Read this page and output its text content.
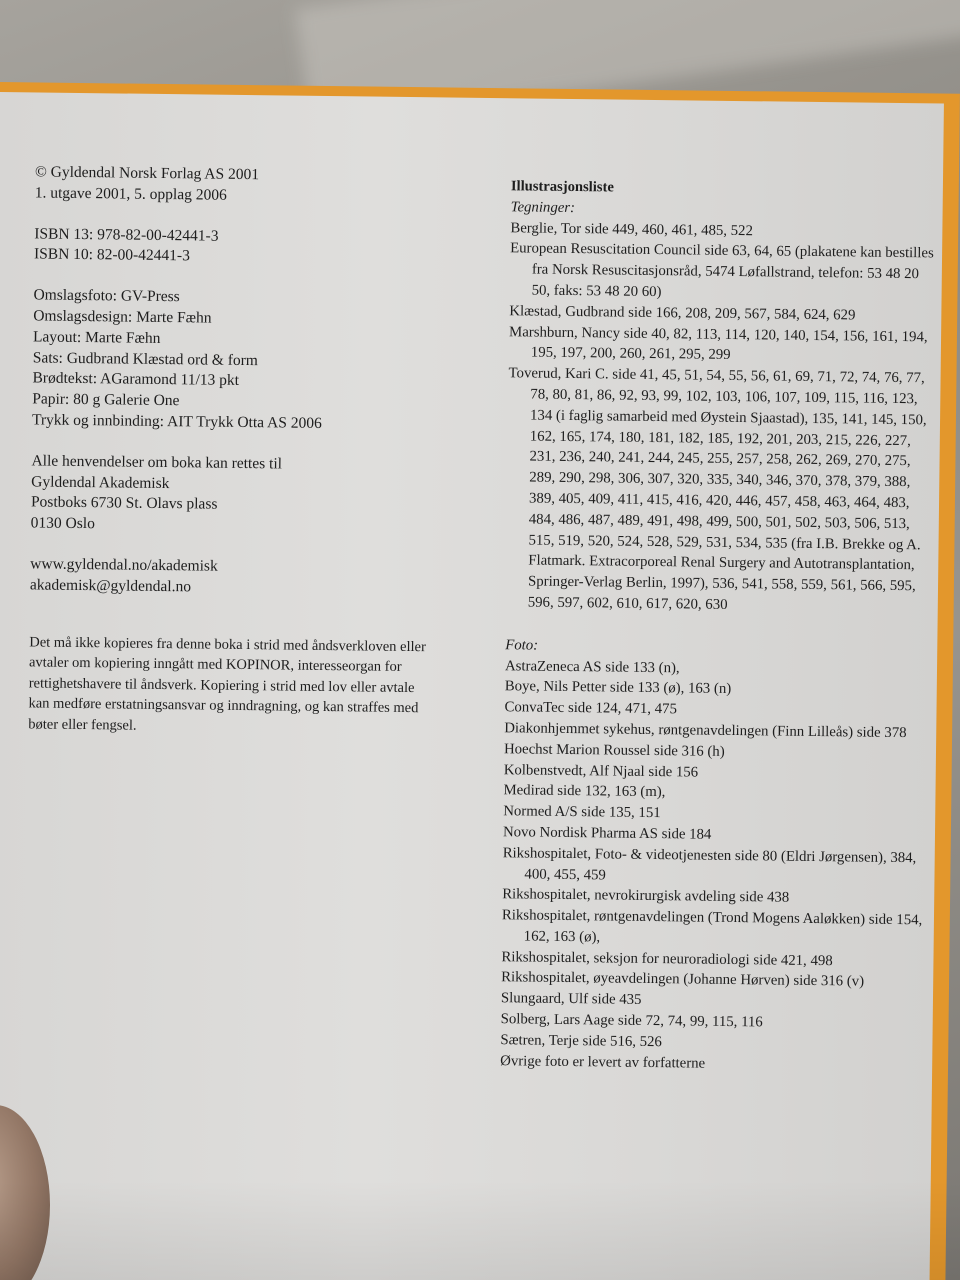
© Gyldendal Norsk Forlag AS 2001
1. utgave 2001, 5. opplag 2006
ISBN 13: 978-82-00-42441-3
ISBN 10: 82-00-42441-3
Omslagsfoto: GV-Press
Omslagsdesign: Marte Fæhn
Layout: Marte Fæhn
Sats: Gudbrand Klæstad ord & form
Brødtekst: AGaramond 11/13 pkt
Papir: 80 g Galerie One
Trykk og innbinding: AIT Trykk Otta AS 2006
Alle henvendelser om boka kan rettes til
Gyldendal Akademisk
Postboks 6730 St. Olavs plass
0130 Oslo
www.gyldendal.no/akademisk
akademisk@gyldendal.no
Det må ikke kopieres fra denne boka i strid med åndsverkloven eller avtaler om kopiering inngått med KOPINOR, interesseorgan for rettighetshavere til åndsverk. Kopiering i strid med lov eller avtale kan medføre erstatningsansvar og inndragning, og kan straffes med bøter eller fengsel.
Illustrasjonsliste
Tegninger:
Berglie, Tor side 449, 460, 461, 485, 522
European Resuscitation Council side 63, 64, 65 (plakatene kan bestilles fra Norsk Resuscitasjonsråd, 5474 Løfallstrand, telefon: 53 48 20 50, faks: 53 48 20 60)
Klæstad, Gudbrand side 166, 208, 209, 567, 584, 624, 629
Marshburn, Nancy side 40, 82, 113, 114, 120, 140, 154, 156, 161, 194, 195, 197, 200, 260, 261, 295, 299
Toverud, Kari C. side 41, 45, 51, 54, 55, 56, 61, 69, 71, 72, 74, 76, 77, 78, 80, 81, 86, 92, 93, 99, 102, 103, 106, 107, 109, 115, 116, 123, 134 (i faglig samarbeid med Øystein Sjaastad), 135, 141, 145, 150, 162, 165, 174, 180, 181, 182, 185, 192, 201, 203, 215, 226, 227, 231, 236, 240, 241, 244, 245, 255, 257, 258, 262, 269, 270, 275, 289, 290, 298, 306, 307, 320, 335, 340, 346, 370, 378, 379, 388, 389, 405, 409, 411, 415, 416, 420, 446, 457, 458, 463, 464, 483, 484, 486, 487, 489, 491, 498, 499, 500, 501, 502, 503, 506, 513, 515, 519, 520, 524, 528, 529, 531, 534, 535 (fra I.B. Brekke og A. Flatmark. Extracorporeal Renal Surgery and Autotransplantation, Springer-Verlag Berlin, 1997), 536, 541, 558, 559, 561, 566, 595, 596, 597, 602, 610, 617, 620, 630
Foto:
AstraZeneca AS side 133 (n),
Boye, Nils Petter side 133 (ø), 163 (n)
ConvaTec side 124, 471, 475
Diakonhjemmet sykehus, røntgenavdelingen (Finn Lilleås) side 378
Hoechst Marion Roussel side 316 (h)
Kolbenstvedt, Alf Njaal side 156
Medirad side 132, 163 (m),
Normed A/S side 135, 151
Novo Nordisk Pharma AS side 184
Rikshospitalet, Foto- & videotjenesten side 80 (Eldri Jørgensen), 384, 400, 455, 459
Rikshospitalet, nevrokirurgisk avdeling side 438
Rikshospitalet, røntgenavdelingen (Trond Mogens Aaløkken) side 154, 162, 163 (ø),
Rikshospitalet, seksjon for neuroradiologi side 421, 498
Rikshospitalet, øyeavdelingen (Johanne Hørven) side 316 (v)
Slungaard, Ulf side 435
Solberg, Lars Aage side 72, 74, 99, 115, 116
Sætren, Terje side 516, 526
Øvrige foto er levert av forfatterne
